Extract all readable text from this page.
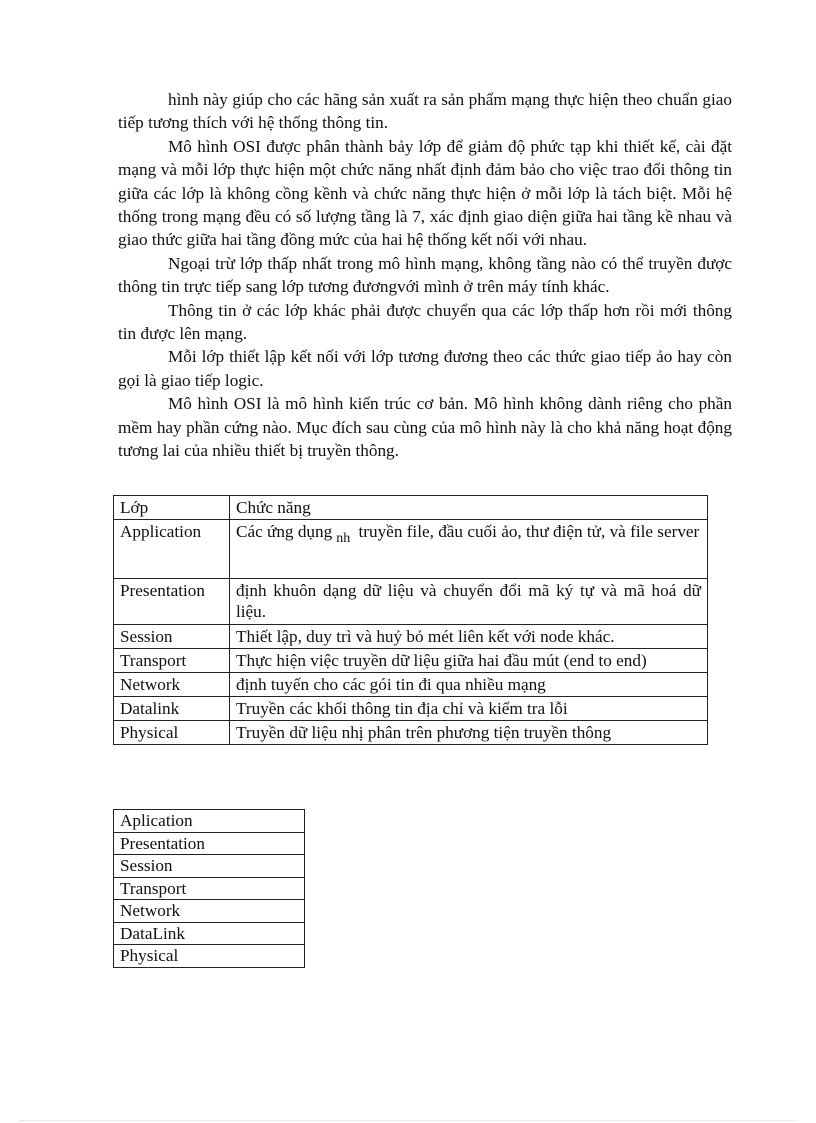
hình này giúp cho các hãng sản xuất ra sản phẩm mạng thực hiện theo chuẩn giao tiếp tương thích với hệ thống thông tin.

Mô hình OSI được phân thành bảy lớp để giảm độ phức tạp khi thiết kế, cài đặt mạng và mỗi lớp thực hiện một chức năng nhất định đảm bảo cho việc trao đổi thông tin giữa các lớp là không cồng kềnh và chức năng thực hiện ở mỗi lớp là tách biệt. Mỗi hệ thống trong mạng đều có số lượng tầng là 7, xác định giao diện giữa hai tầng kề nhau và giao thức giữa hai tầng đồng mức của hai hệ thống kết nối với nhau.

Ngoại trừ lớp thấp nhất trong mô hình mạng, không tầng nào có thể truyền được thông tin trực tiếp sang lớp tương đươngvới mình ở trên máy tính khác.

Thông tin ở các lớp khác phải được chuyển qua các lớp thấp hơn rồi mới thông tin được lên mạng.

Mỗi lớp thiết lập kết nối với lớp tương đương theo các thức giao tiếp ảo hay còn gọi là giao tiếp logic.

Mô hình OSI là mô hình kiến trúc cơ bản. Mô hình không dành riêng cho phần mềm hay phần cứng nào. Mục đích sau cùng của mô hình này là cho khả năng hoạt động tương lai của nhiều thiết bị truyền thông.

Lớp	Chức năng
Application	Các ứng dụng $_{nh}$ truyền file, đầu cuối ảo, thư điện tử, và file server
Presentation	định khuôn dạng dữ liệu và chuyển đổi mã ký tự và mã hoá dữ liệu.
Session	Thiết lập, duy trì và huỷ bỏ mét liên kết với node khác.
Transport	Thực hiện việc truyền dữ liệu giữa hai đầu mút (end to end)
Network	định tuyến cho các gói tin đi qua nhiều mạng
Datalink	Truyền các khối thông tin địa chỉ và kiểm tra lỗi
Physical	Truyền dữ liệu nhị phân trên phương tiện truyền thông
Aplication
Presentation
Session
Transport
Network
DataLink
Physical
